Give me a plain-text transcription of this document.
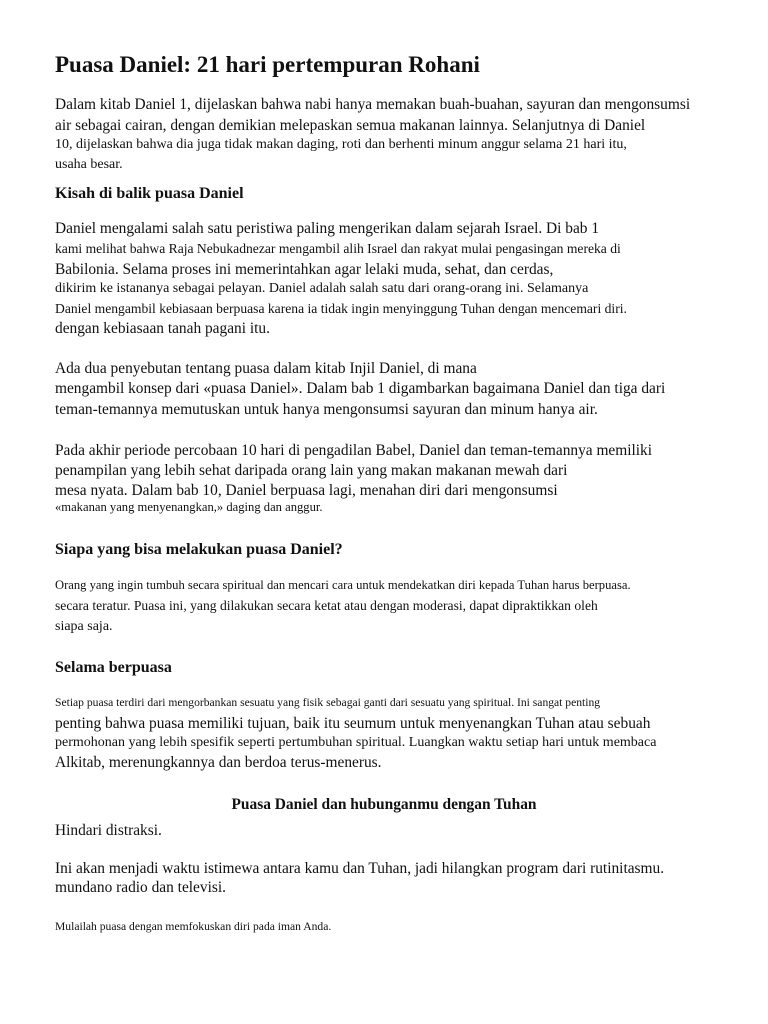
Puasa Daniel: 21 hari pertempuran Rohani

Dalam kitab Daniel 1, dijelaskan bahwa nabi hanya memakan buah-buahan, sayuran dan mengonsumsi

air sebagai cairan, dengan demikian melepaskan semua makanan lainnya. Selanjutnya di Daniel

10, dijelaskan bahwa dia juga tidak makan daging, roti dan berhenti minum anggur selama 21 hari itu,

usaha besar.

Kisah di balik puasa Daniel

Daniel mengalami salah satu peristiwa paling mengerikan dalam sejarah Israel. Di bab 1

kami melihat bahwa Raja Nebukadnezar mengambil alih Israel dan rakyat mulai pengasingan mereka di

Babilonia. Selama proses ini memerintahkan agar lelaki muda, sehat, dan cerdas,

dikirim ke istananya sebagai pelayan. Daniel adalah salah satu dari orang-orang ini. Selamanya

Daniel mengambil kebiasaan berpuasa karena ia tidak ingin menyinggung Tuhan dengan mencemari diri.

dengan kebiasaan tanah pagani itu.

Ada dua penyebutan tentang puasa dalam kitab Injil Daniel, di mana

mengambil konsep dari «puasa Daniel». Dalam bab 1 digambarkan bagaimana Daniel dan tiga dari

teman-temannya memutuskan untuk hanya mengonsumsi sayuran dan minum hanya air.

Pada akhir periode percobaan 10 hari di pengadilan Babel, Daniel dan teman-temannya memiliki

penampilan yang lebih sehat daripada orang lain yang makan makanan mewah dari

mesa nyata. Dalam bab 10, Daniel berpuasa lagi, menahan diri dari mengonsumsi

«makanan yang menyenangkan,» daging dan anggur.

Siapa yang bisa melakukan puasa Daniel?

Orang yang ingin tumbuh secara spiritual dan mencari cara untuk mendekatkan diri kepada Tuhan harus berpuasa.

secara teratur. Puasa ini, yang dilakukan secara ketat atau dengan moderasi, dapat dipraktikkan oleh

siapa saja.

Selama berpuasa

Setiap puasa terdiri dari mengorbankan sesuatu yang fisik sebagai ganti dari sesuatu yang spiritual. Ini sangat penting

penting bahwa puasa memiliki tujuan, baik itu seumum untuk menyenangkan Tuhan atau sebuah

permohonan yang lebih spesifik seperti pertumbuhan spiritual. Luangkan waktu setiap hari untuk membaca

Alkitab, merenungkannya dan berdoa terus-menerus.

Puasa Daniel dan hubunganmu dengan Tuhan

Hindari distraksi.

Ini akan menjadi waktu istimewa antara kamu dan Tuhan, jadi hilangkan program dari rutinitasmu.

mundano radio dan televisi.

Mulailah puasa dengan memfokuskan diri pada iman Anda.
